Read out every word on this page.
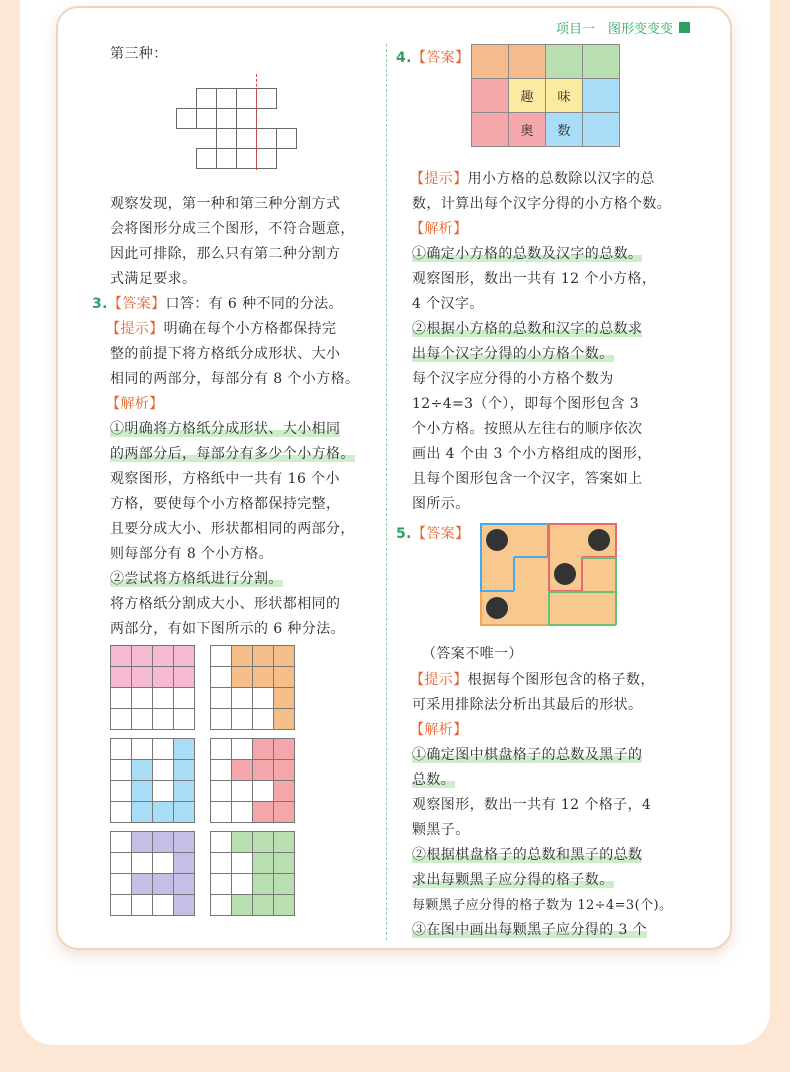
项目一　图形变变变
第三种：
观察发现，第一种和第三种分割方式
会将图形分成三个图形，不符合题意，
因此可排除，那么只有第二种分割方
式满足要求。
3.【答案】口答：有 6 种不同的分法。
【提示】明确在每个小方格都保持完
整的前提下将方格纸分成形状、大小
相同的两部分，每部分有 8 个小方格。
【解析】
①明确将方格纸分成形状、大小相同
的两部分后，每部分有多少个小方格。
观察图形，方格纸中一共有 16 个小
方格，要使每个小方格都保持完整，
且要分成大小、形状都相同的两部分，
则每部分有 8 个小方格。
②尝试将方格纸进行分割。
将方格纸分割成大小、形状都相同的
两部分，有如下图所示的 6 种分法。
4.【答案】
趣	味
奥	数
【提示】用小方格的总数除以汉字的总
数，计算出每个汉字分得的小方格个数。
【解析】
①确定小方格的总数及汉字的总数。
观察图形，数出一共有 12 个小方格，
4 个汉字。
②根据小方格的总数和汉字的总数求
出每个汉字分得的小方格个数。
每个汉字应分得的小方格个数为
12÷4=3（个），即每个图形包含 3
个小方格。按照从左往右的顺序依次
画出 4 个由 3 个小方格组成的图形，
且每个图形包含一个汉字，答案如上
图所示。
5.【答案】
（答案不唯一）
【提示】根据每个图形包含的格子数，
可采用排除法分析出其最后的形状。
【解析】
①确定图中棋盘格子的总数及黑子的
总数。
观察图形，数出一共有 12 个格子，4
颗黑子。
②根据棋盘格子的总数和黑子的总数
求出每颗黑子应分得的格子数。
每颗黑子应分得的格子数为 12÷4=3(个)。
③在图中画出每颗黑子应分得的 3 个
